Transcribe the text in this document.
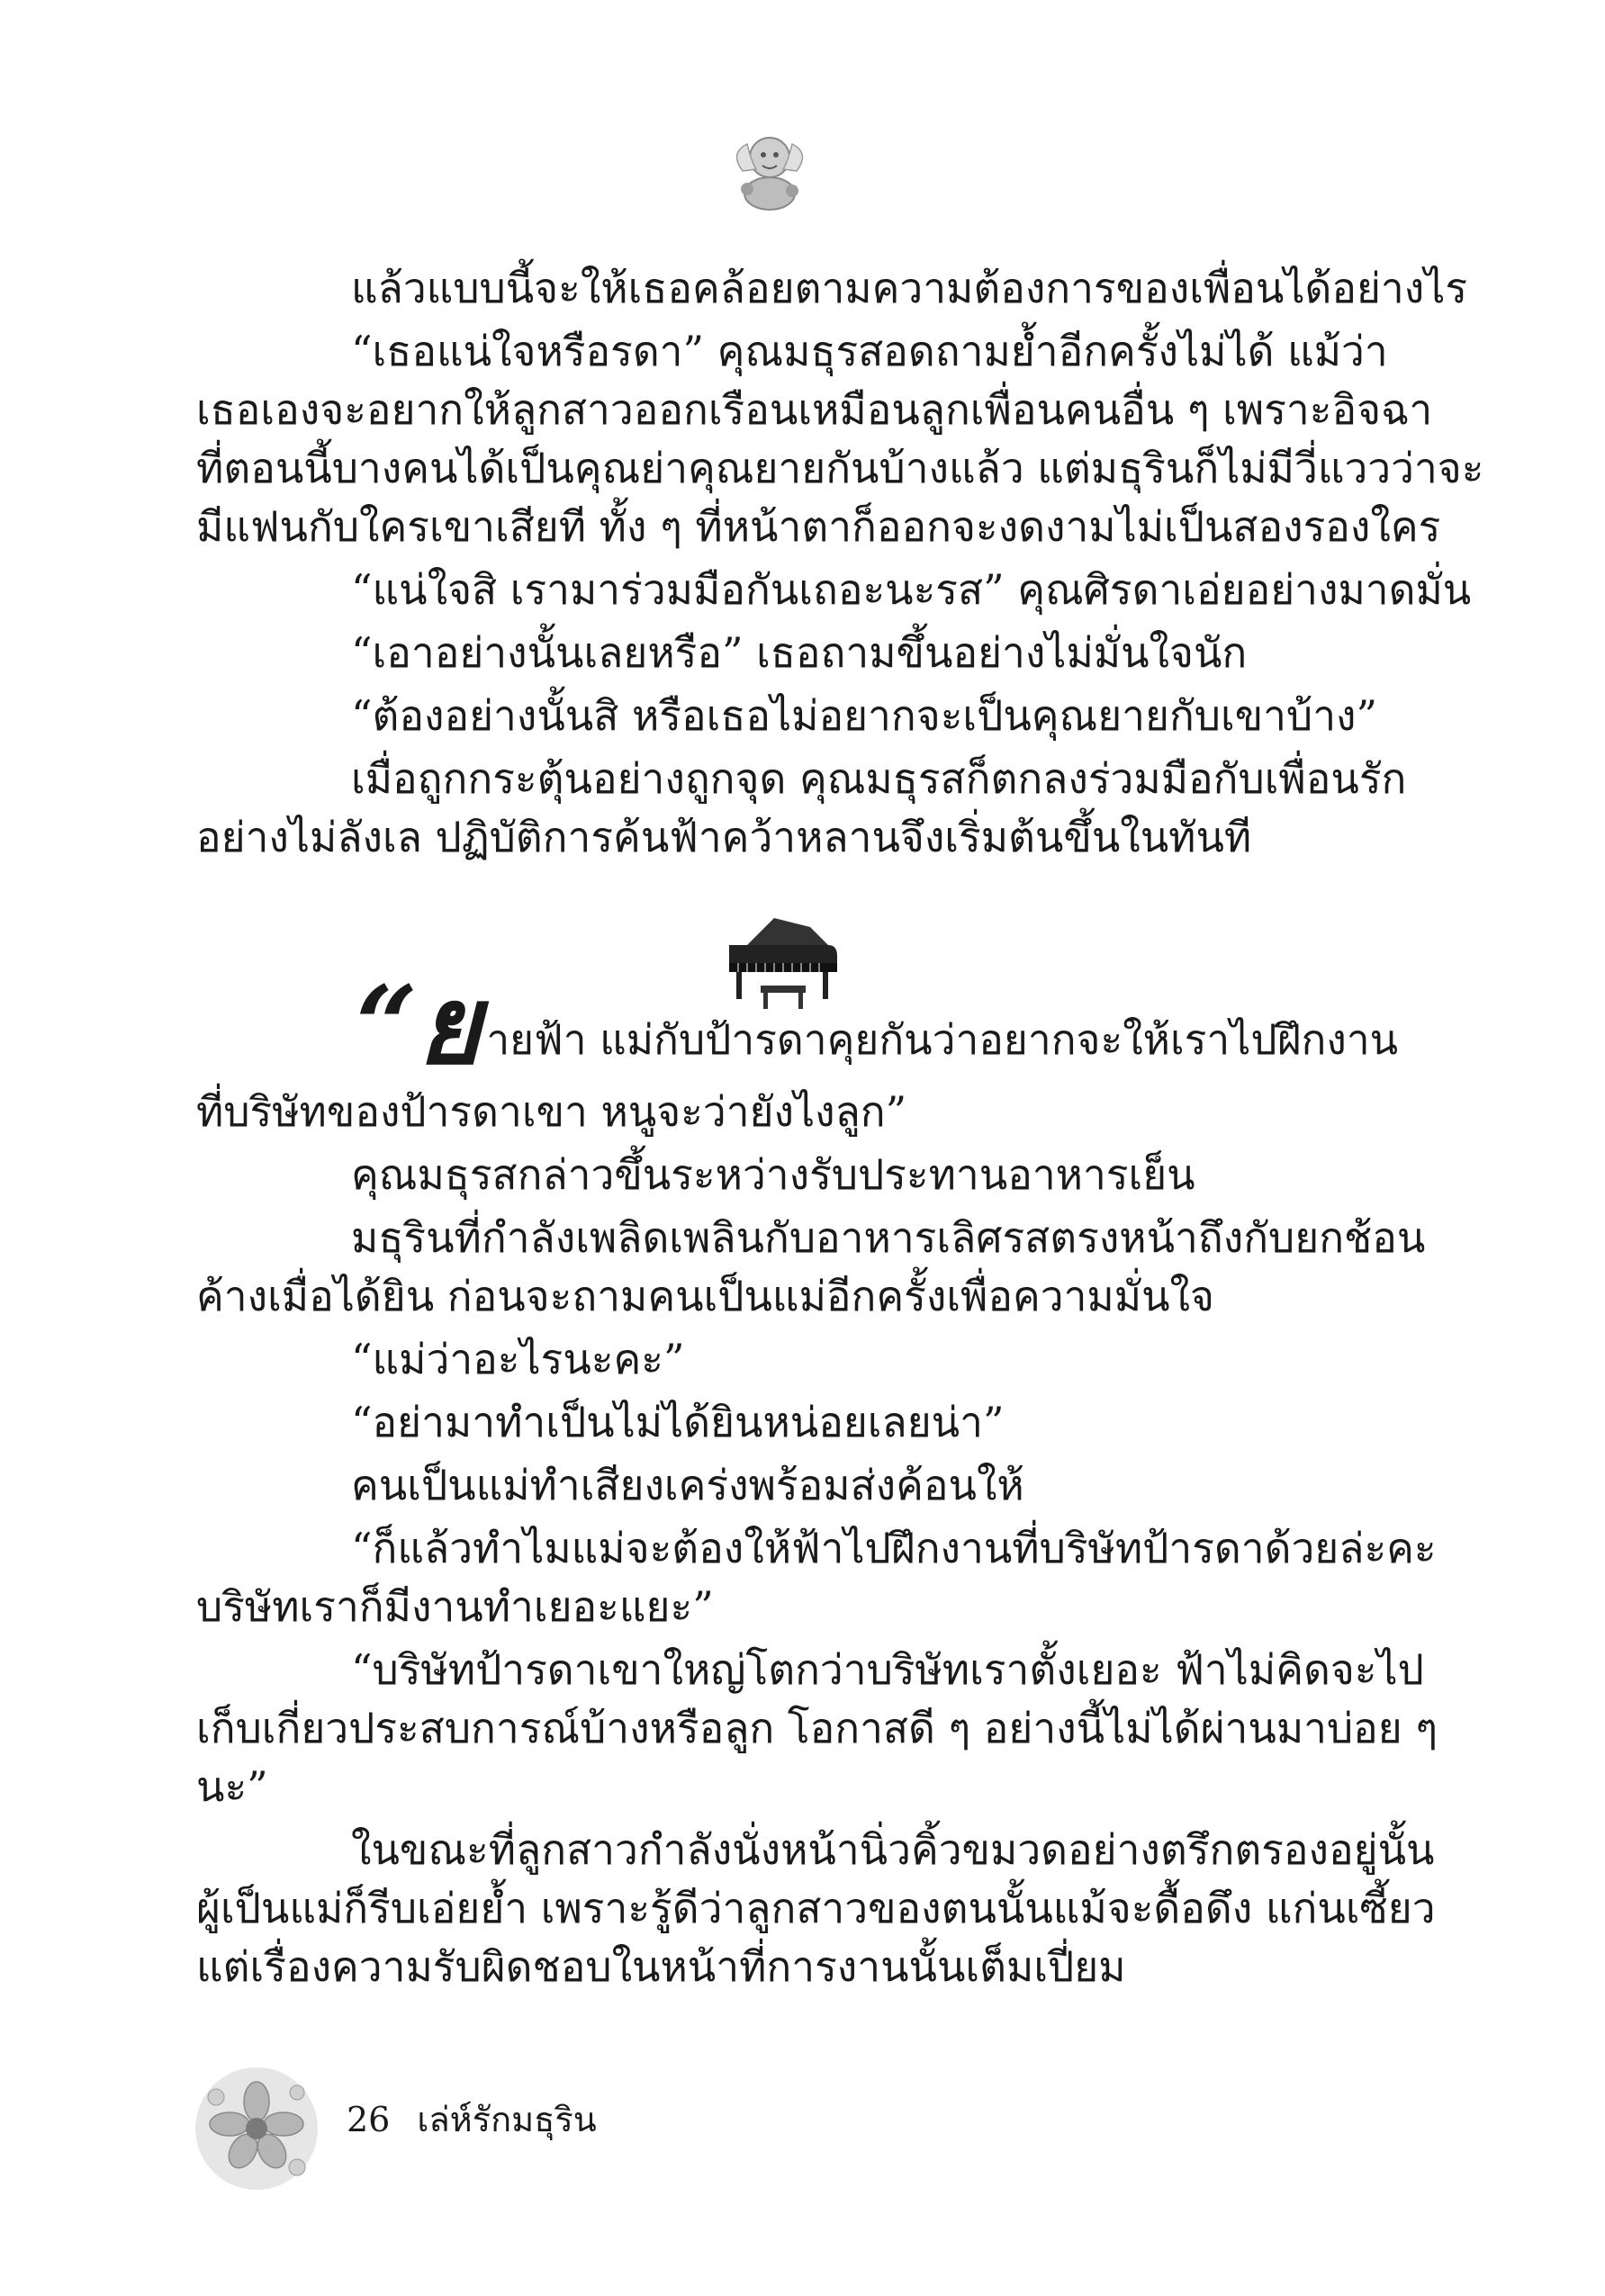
แล้วแบบนี้จะให้เธอคล้อยตามความต้องการของเพื่อนได้อย่างไร
“เธอแน่ใจหรือรดา” คุณมธุรสอดถามย้ำอีกครั้งไม่ได้ แม้ว่า
เธอเองจะอยากให้ลูกสาวออกเรือนเหมือนลูกเพื่อนคนอื่น ๆ เพราะอิจฉา
ที่ตอนนี้บางคนได้เป็นคุณย่าคุณยายกันบ้างแล้ว แต่มธุรินก็ไม่มีวี่แววว่าจะ
มีแฟนกับใครเขาเสียที ทั้ง ๆ ที่หน้าตาก็ออกจะงดงามไม่เป็นสองรองใคร
“แน่ใจสิ เรามาร่วมมือกันเถอะนะรส” คุณศิรดาเอ่ยอย่างมาดมั่น
“เอาอย่างนั้นเลยหรือ” เธอถามขึ้นอย่างไม่มั่นใจนัก
“ต้องอย่างนั้นสิ หรือเธอไม่อยากจะเป็นคุณยายกับเขาบ้าง”
เมื่อถูกกระตุ้นอย่างถูกจุด คุณมธุรสก็ตกลงร่วมมือกับเพื่อนรัก
อย่างไม่ลังเล ปฏิบัติการค้นฟ้าคว้าหลานจึงเริ่มต้นขึ้นในทันที
“ย ายฟ้า แม่กับป้ารดาคุยกันว่าอยากจะให้เราไปฝึกงาน
ที่บริษัทของป้ารดาเขา หนูจะว่ายังไงลูก”
คุณมธุรสกล่าวขึ้นระหว่างรับประทานอาหารเย็น
มธุรินที่กำลังเพลิดเพลินกับอาหารเลิศรสตรงหน้าถึงกับยกช้อน
ค้างเมื่อได้ยิน ก่อนจะถามคนเป็นแม่อีกครั้งเพื่อความมั่นใจ
“แม่ว่าอะไรนะคะ”
“อย่ามาทำเป็นไม่ได้ยินหน่อยเลยน่า”
คนเป็นแม่ทำเสียงเคร่งพร้อมส่งค้อนให้
“ก็แล้วทำไมแม่จะต้องให้ฟ้าไปฝึกงานที่บริษัทป้ารดาด้วยล่ะคะ
บริษัทเราก็มีงานทำเยอะแยะ”
“บริษัทป้ารดาเขาใหญ่โตกว่าบริษัทเราตั้งเยอะ ฟ้าไม่คิดจะไป
เก็บเกี่ยวประสบการณ์บ้างหรือลูก โอกาสดี ๆ อย่างนี้ไม่ได้ผ่านมาบ่อย ๆ
นะ”
ในขณะที่ลูกสาวกำลังนั่งหน้านิ่วคิ้วขมวดอย่างตรึกตรองอยู่นั้น
ผู้เป็นแม่ก็รีบเอ่ยย้ำ เพราะรู้ดีว่าลูกสาวของตนนั้นแม้จะดื้อดึง แก่นเซี้ยว
แต่เรื่องความรับผิดชอบในหน้าที่การงานนั้นเต็มเปี่ยม
26 เล่ห์รักมธุริน
